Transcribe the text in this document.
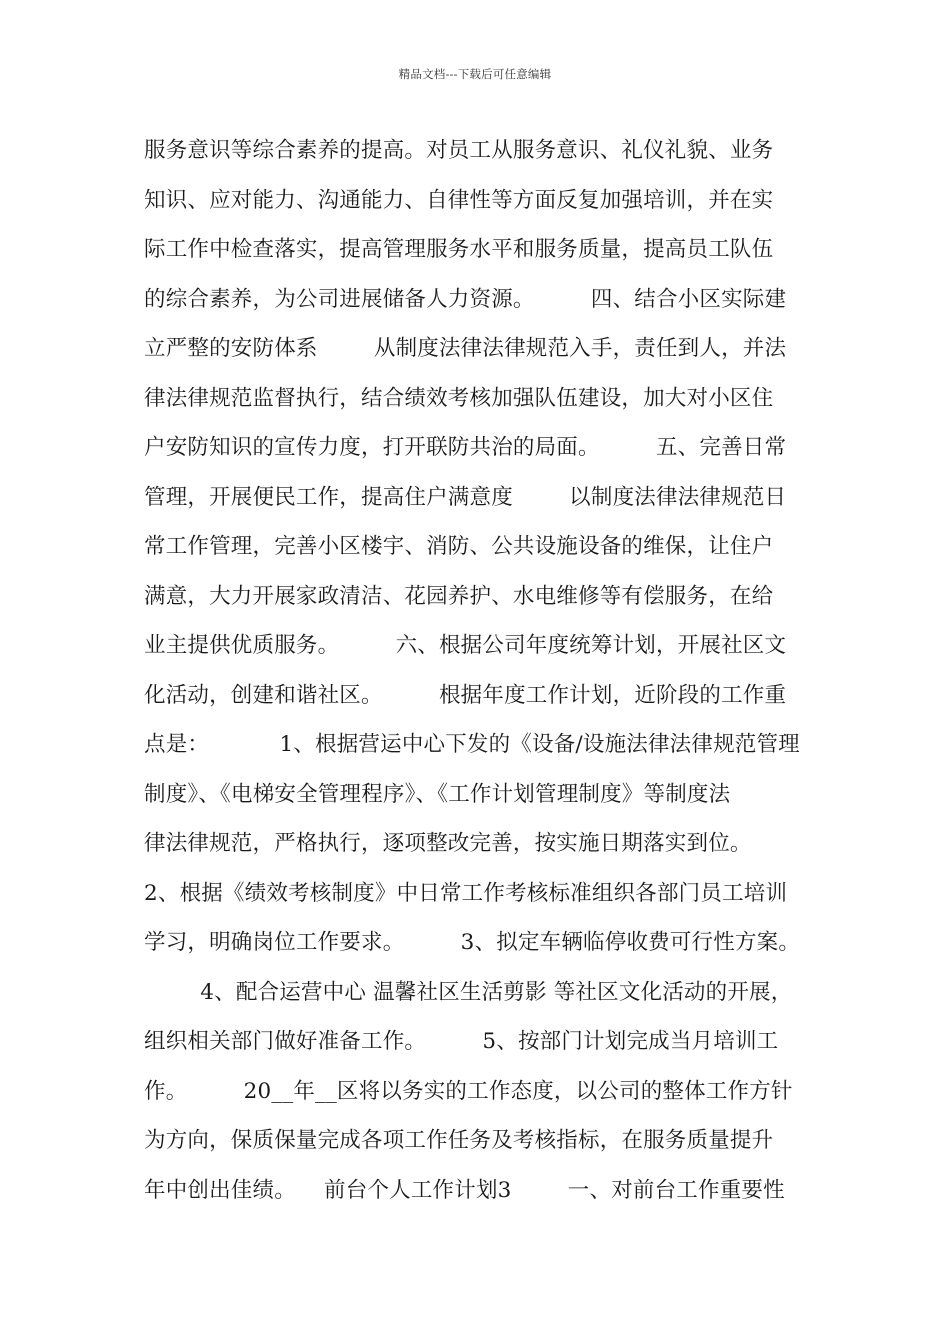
精品文档---下载后可任意编辑
服务意识等综合素养的提高。对员工从服务意识、礼仪礼貌、业务
知识、应对能力、沟通能力、自律性等方面反复加强培训，并在实
际工作中检查落实，提高管理服务水平和服务质量，提高员工队伍
的综合素养，为公司进展储备人力资源。        四、结合小区实际建
立严整的安防体系        从制度法律法律规范入手，责任到人，并法
律法律规范监督执行，结合绩效考核加强队伍建设，加大对小区住
户安防知识的宣传力度，打开联防共治的局面。        五、完善日常
管理，开展便民工作，提高住户满意度        以制度法律法律规范日
常工作管理，完善小区楼宇、消防、公共设施设备的维保，让住户
满意，大力开展家政清洁、花园养护、水电维修等有偿服务，在给
业主提供优质服务。        六、根据公司年度统筹计划，开展社区文
化活动，创建和谐社区。        根据年度工作计划，近阶段的工作重
点是：          1、根据营运中心下发的《设备/设施法律法律规范管理
制度》、《电梯安全管理程序》、《工作计划管理制度》等制度法
律法律规范，严格执行，逐项整改完善，按实施日期落实到位。
2、根据《绩效考核制度》中日常工作考核标准组织各部门员工培训
学习，明确岗位工作要求。        3、拟定车辆临停收费可行性方案。
4、配合运营中心 温馨社区生活剪影 等社区文化活动的开展，
组织相关部门做好准备工作。        5、按部门计划完成当月培训工
作。        20__年__区将以务实的工作态度，以公司的整体工作方针
为方向，保质保量完成各项工作任务及考核指标，在服务质量提升
年中创出佳绩。    前台个人工作计划3        一、对前台工作重要性
